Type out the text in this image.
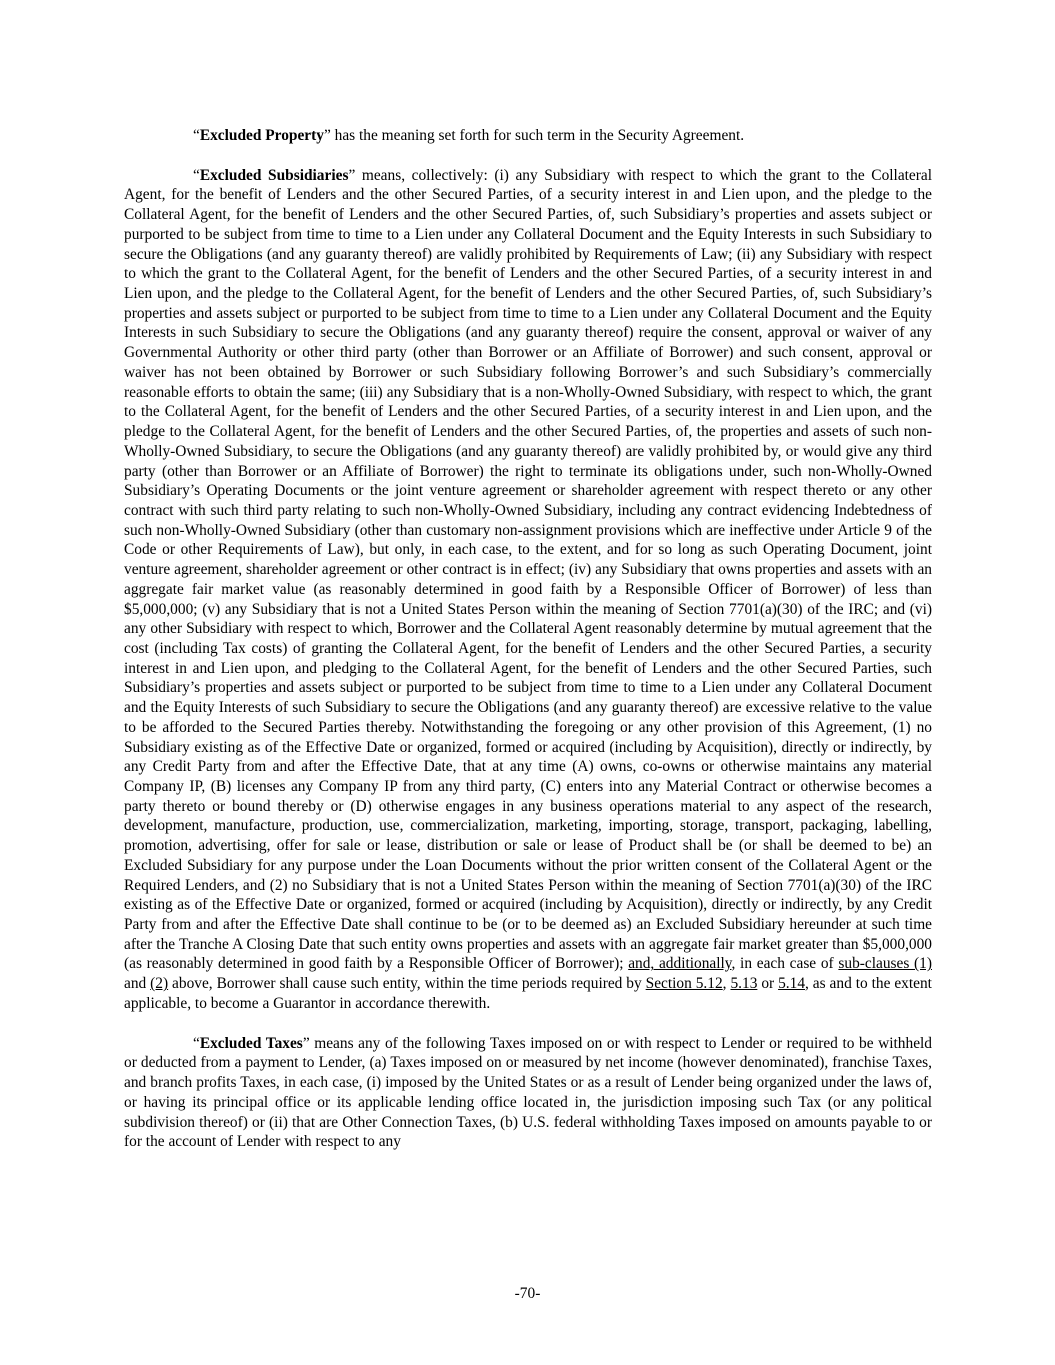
“Excluded Property” has the meaning set forth for such term in the Security Agreement.

“Excluded Subsidiaries” means, collectively: (i) any Subsidiary with respect to which the grant to the Collateral Agent, for the benefit of Lenders and the other Secured Parties, of a security interest in and Lien upon, and the pledge to the Collateral Agent, for the benefit of Lenders and the other Secured Parties, of, such Subsidiary’s properties and assets subject or purported to be subject from time to time to a Lien under any Collateral Document and the Equity Interests in such Subsidiary to secure the Obligations (and any guaranty thereof) are validly prohibited by Requirements of Law; (ii) any Subsidiary with respect to which the grant to the Collateral Agent, for the benefit of Lenders and the other Secured Parties, of a security interest in and Lien upon, and the pledge to the Collateral Agent, for the benefit of Lenders and the other Secured Parties, of, such Subsidiary’s properties and assets subject or purported to be subject from time to time to a Lien under any Collateral Document and the Equity Interests in such Subsidiary to secure the Obligations (and any guaranty thereof) require the consent, approval or waiver of any Governmental Authority or other third party (other than Borrower or an Affiliate of Borrower) and such consent, approval or waiver has not been obtained by Borrower or such Subsidiary following Borrower’s and such Subsidiary’s commercially reasonable efforts to obtain the same; (iii) any Subsidiary that is a non-Wholly-Owned Subsidiary, with respect to which, the grant to the Collateral Agent, for the benefit of Lenders and the other Secured Parties, of a security interest in and Lien upon, and the pledge to the Collateral Agent, for the benefit of Lenders and the other Secured Parties, of, the properties and assets of such non-Wholly-Owned Subsidiary, to secure the Obligations (and any guaranty thereof) are validly prohibited by, or would give any third party (other than Borrower or an Affiliate of Borrower) the right to terminate its obligations under, such non-Wholly-Owned Subsidiary’s Operating Documents or the joint venture agreement or shareholder agreement with respect thereto or any other contract with such third party relating to such non-Wholly-Owned Subsidiary, including any contract evidencing Indebtedness of such non-Wholly-Owned Subsidiary (other than customary non-assignment provisions which are ineffective under Article 9 of the Code or other Requirements of Law), but only, in each case, to the extent, and for so long as such Operating Document, joint venture agreement, shareholder agreement or other contract is in effect; (iv) any Subsidiary that owns properties and assets with an aggregate fair market value (as reasonably determined in good faith by a Responsible Officer of Borrower) of less than $5,000,000; (v) any Subsidiary that is not a United States Person within the meaning of Section 7701(a)(30) of the IRC; and (vi) any other Subsidiary with respect to which, Borrower and the Collateral Agent reasonably determine by mutual agreement that the cost (including Tax costs) of granting the Collateral Agent, for the benefit of Lenders and the other Secured Parties, a security interest in and Lien upon, and pledging to the Collateral Agent, for the benefit of Lenders and the other Secured Parties, such Subsidiary’s properties and assets subject or purported to be subject from time to time to a Lien under any Collateral Document and the Equity Interests of such Subsidiary to secure the Obligations (and any guaranty thereof) are excessive relative to the value to be afforded to the Secured Parties thereby. Notwithstanding the foregoing or any other provision of this Agreement, (1) no Subsidiary existing as of the Effective Date or organized, formed or acquired (including by Acquisition), directly or indirectly, by any Credit Party from and after the Effective Date, that at any time (A) owns, co-owns or otherwise maintains any material Company IP, (B) licenses any Company IP from any third party, (C) enters into any Material Contract or otherwise becomes a party thereto or bound thereby or (D) otherwise engages in any business operations material to any aspect of the research, development, manufacture, production, use, commercialization, marketing, importing, storage, transport, packaging, labelling, promotion, advertising, offer for sale or lease, distribution or sale or lease of Product shall be (or shall be deemed to be) an Excluded Subsidiary for any purpose under the Loan Documents without the prior written consent of the Collateral Agent or the Required Lenders, and (2) no Subsidiary that is not a United States Person within the meaning of Section 7701(a)(30) of the IRC existing as of the Effective Date or organized, formed or acquired (including by Acquisition), directly or indirectly, by any Credit Party from and after the Effective Date shall continue to be (or to be deemed as) an Excluded Subsidiary hereunder at such time after the Tranche A Closing Date that such entity owns properties and assets with an aggregate fair market greater than $5,000,000 (as reasonably determined in good faith by a Responsible Officer of Borrower); and, additionally, in each case of sub-clauses (1) and (2) above, Borrower shall cause such entity, within the time periods required by Section 5.12, 5.13 or 5.14, as and to the extent applicable, to become a Guarantor in accordance therewith.

“Excluded Taxes” means any of the following Taxes imposed on or with respect to Lender or required to be withheld or deducted from a payment to Lender, (a) Taxes imposed on or measured by net income (however denominated), franchise Taxes, and branch profits Taxes, in each case, (i) imposed by the United States or as a result of Lender being organized under the laws of, or having its principal office or its applicable lending office located in, the jurisdiction imposing such Tax (or any political subdivision thereof) or (ii) that are Other Connection Taxes, (b) U.S. federal withholding Taxes imposed on amounts payable to or for the account of Lender with respect to any

-70-
